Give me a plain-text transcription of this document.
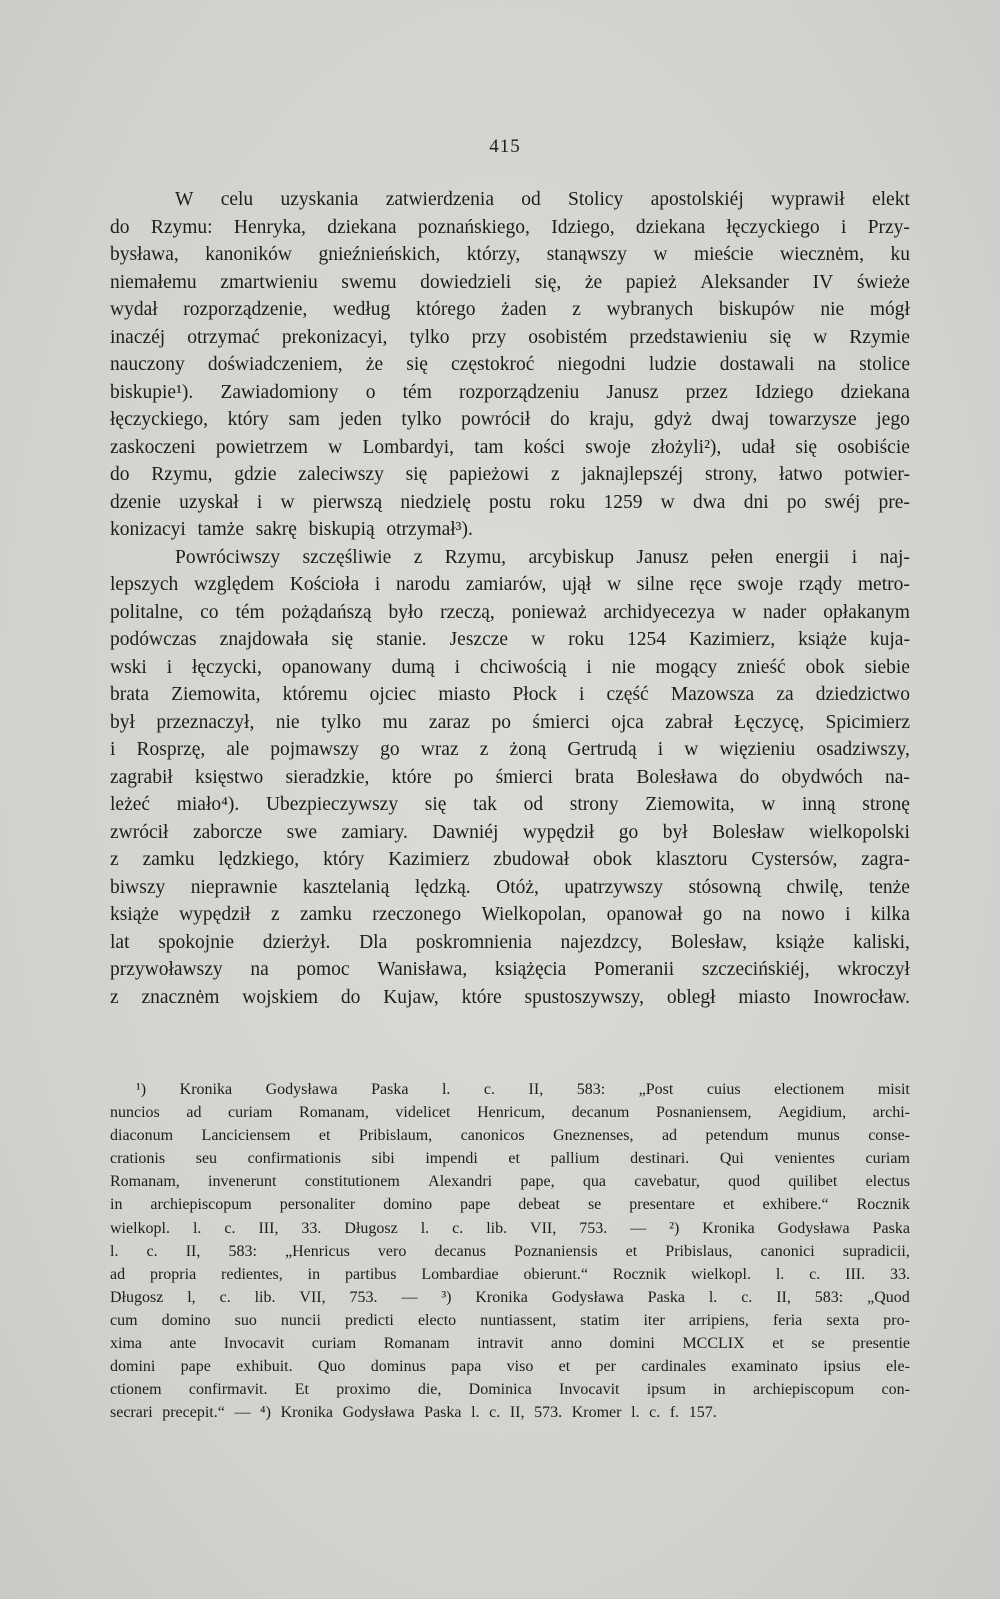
415
W celu uzyskania zatwierdzenia od Stolicy apostolskiéj wyprawił elekt
do Rzymu: Henryka, dziekana poznańskiego, Idziego, dziekana łęczyckiego i Przy-
bysława, kanoników gnieźnieńskich, którzy, stanąwszy w mieście wiecznėm, ku
niemałemu zmartwieniu swemu dowiedzieli się, że papież Aleksander IV świeże
wydał rozporządzenie, według którego żaden z wybranych biskupów nie mógł
inaczéj otrzymać prekonizacyi, tylko przy osobistém przedstawieniu się w Rzymie
nauczony doświadczeniem, że się częstokroć niegodni ludzie dostawali na stolice
biskupie¹). Zawiadomiony o tém rozporządzeniu Janusz przez Idziego dziekana
łęczyckiego, który sam jeden tylko powrócił do kraju, gdyż dwaj towarzysze jego
zaskoczeni powietrzem w Lombardyi, tam kości swoje złożyli²), udał się osobiście
do Rzymu, gdzie zaleciwszy się papieżowi z jaknajlepszéj strony, łatwo potwier-
dzenie uzyskał i w pierwszą niedzielę postu roku 1259 w dwa dni po swéj pre-
konizacyi tamże sakrę biskupią otrzymał³).
Powróciwszy szczęśliwie z Rzymu, arcybiskup Janusz pełen energii i naj-
lepszych względem Kościoła i narodu zamiarów, ujął w silne ręce swoje rządy metro-
politalne, co tém pożądańszą było rzeczą, ponieważ archidyecezya w nader opłakanym
podówczas znajdowała się stanie. Jeszcze w roku 1254 Kazimierz, książe kuja-
wski i łęczycki, opanowany dumą i chciwością i nie mogący znieść obok siebie
brata Ziemowita, któremu ojciec miasto Płock i część Mazowsza za dziedzictwo
był przeznaczył, nie tylko mu zaraz po śmierci ojca zabrał Łęczycę, Spicimierz
i Rosprzę, ale pojmawszy go wraz z żoną Gertrudą i w więzieniu osadziwszy,
zagrabił księstwo sieradzkie, które po śmierci brata Bolesława do obydwóch na-
leżeć miało⁴). Ubezpieczywszy się tak od strony Ziemowita, w inną stronę
zwrócił zaborcze swe zamiary. Dawniéj wypędził go był Bolesław wielkopolski
z zamku lędzkiego, który Kazimierz zbudował obok klasztoru Cystersów, zagra-
biwszy nieprawnie kasztelanią lędzką. Otóż, upatrzywszy stósowną chwilę, tenże
książe wypędził z zamku rzeczonego Wielkopolan, opanował go na nowo i kilka
lat spokojnie dzierżył. Dla poskromnienia najezdzcy, Bolesław, książe kaliski,
przywoławszy na pomoc Wanisława, książęcia Pomeranii szczecińskiéj, wkroczył
z znacznėm wojskiem do Kujaw, które spustoszywszy, obległ miasto Inowrocław.
¹) Kronika Godysława Paska l. c. II, 583: „Post cuius electionem misit
nuncios ad curiam Romanam, videlicet Henricum, decanum Posnaniensem, Aegidium, archi-
diaconum Lanciciensem et Pribislaum, canonicos Gneznenses, ad petendum munus conse-
crationis seu confirmationis sibi impendi et pallium destinari. Qui venientes curiam
Romanam, invenerunt constitutionem Alexandri pape, qua cavebatur, quod quilibet electus
in archiepiscopum personaliter domino pape debeat se presentare et exhibere.“ Rocznik
wielkopl. l. c. III, 33. Długosz l. c. lib. VII, 753. — ²) Kronika Godysława Paska
l. c. II, 583: „Henricus vero decanus Poznaniensis et Pribislaus, canonici supradicii,
ad propria redientes, in partibus Lombardiae obierunt.“ Rocznik wielkopl. l. c. III. 33.
Długosz l, c. lib. VII, 753. — ³) Kronika Godysława Paska l. c. II, 583: „Quod
cum domino suo nuncii predicti electo nuntiassent, statim iter arripiens, feria sexta pro-
xima ante Invocavit curiam Romanam intravit anno domini MCCLIX et se presentie
domini pape exhibuit. Quo dominus papa viso et per cardinales examinato ipsius ele-
ctionem confirmavit. Et proximo die, Dominica Invocavit ipsum in archiepiscopum con-
secrari precepit.“ — ⁴) Kronika Godysława Paska l. c. II, 573. Kromer l. c. f. 157.
